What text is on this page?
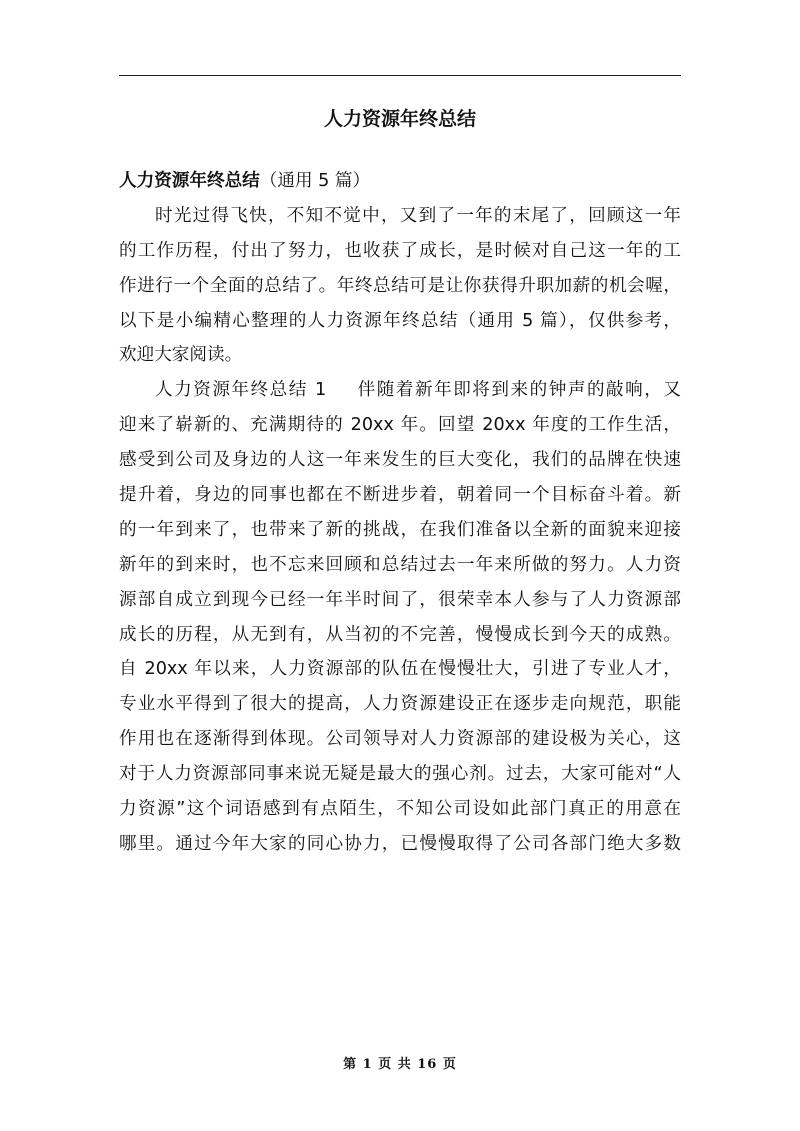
人力资源年终总结
人力资源年终总结（通用 5 篇）
时光过得飞快，不知不觉中，又到了一年的末尾了，回顾这一年
的工作历程，付出了努力，也收获了成长，是时候对自己这一年的工
作进行一个全面的总结了。年终总结可是让你获得升职加薪的机会喔，
以下是小编精心整理的人力资源年终总结（通用 5 篇），仅供参考，
欢迎大家阅读。
人力资源年终总结 1 伴随着新年即将到来的钟声的敲响，又
迎来了崭新的、充满期待的 20xx 年。回望 20xx 年度的工作生活，
感受到公司及身边的人这一年来发生的巨大变化，我们的品牌在快速
提升着，身边的同事也都在不断进步着，朝着同一个目标奋斗着。新
的一年到来了，也带来了新的挑战，在我们准备以全新的面貌来迎接
新年的到来时，也不忘来回顾和总结过去一年来所做的努力。人力资
源部自成立到现今已经一年半时间了，很荣幸本人参与了人力资源部
成长的历程，从无到有，从当初的不完善，慢慢成长到今天的成熟。
自 20xx 年以来，人力资源部的队伍在慢慢壮大，引进了专业人才，
专业水平得到了很大的提高，人力资源建设正在逐步走向规范，职能
作用也在逐渐得到体现。公司领导对人力资源部的建设极为关心，这
对于人力资源部同事来说无疑是最大的强心剂。过去，大家可能对“人
力资源”这个词语感到有点陌生，不知公司设如此部门真正的用意在
哪里。通过今年大家的同心协力，已慢慢取得了公司各部门绝大多数
第 1 页 共 16 页
